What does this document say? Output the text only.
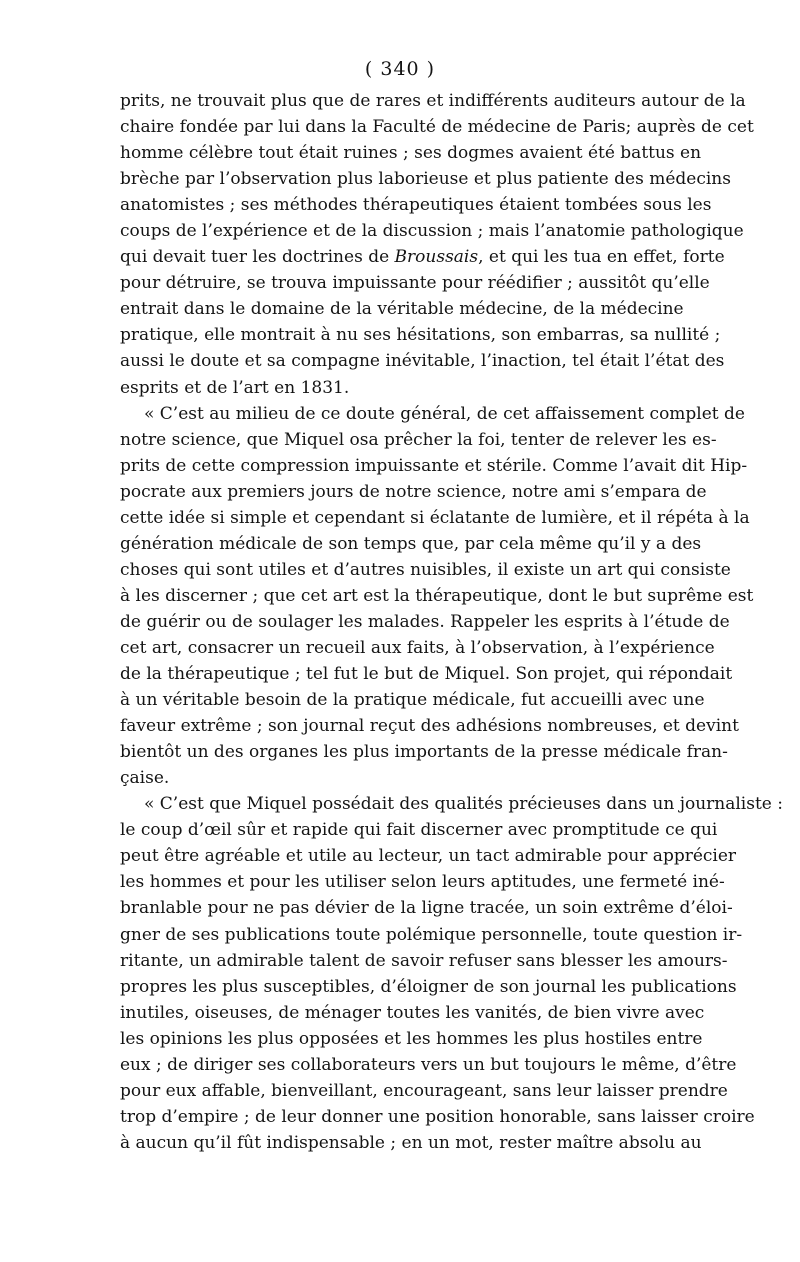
( 340 )
prits, ne trouvait plus que de rares et indifférents auditeurs autour de la
chaire fondée par lui dans la Faculté de médecine de Paris; auprès de cet
homme célèbre tout était ruines ; ses dogmes avaient été battus en
brèche par l’observation plus laborieuse et plus patiente des médecins
anatomistes ; ses méthodes thérapeutiques étaient tombées sous les
coups de l’expérience et de la discussion ; mais l’anatomie pathologique
qui devait tuer les doctrines de Broussais, et qui les tua en effet, forte
pour détruire, se trouva impuissante pour réédifier ; aussitôt qu’elle
entrait dans le domaine de la véritable médecine, de la médecine
pratique, elle montrait à nu ses hésitations, son embarras, sa nullité ;
aussi le doute et sa compagne inévitable, l’inaction, tel était l’état des
esprits et de l’art en 1831.
« C’est au milieu de ce doute général, de cet affaissement complet de
notre science, que Miquel osa prêcher la foi, tenter de relever les es-
prits de cette compression impuissante et stérile. Comme l’avait dit Hip-
pocrate aux premiers jours de notre science, notre ami s’empara de
cette idée si simple et cependant si éclatante de lumière, et il répéta à la
génération médicale de son temps que, par cela même qu’il y a des
choses qui sont utiles et d’autres nuisibles, il existe un art qui consiste
à les discerner ; que cet art est la thérapeutique, dont le but suprême est
de guérir ou de soulager les malades. Rappeler les esprits à l’étude de
cet art, consacrer un recueil aux faits, à l’observation, à l’expérience
de la thérapeutique ; tel fut le but de Miquel. Son projet, qui répondait
à un véritable besoin de la pratique médicale, fut accueilli avec une
faveur extrême ; son journal reçut des adhésions nombreuses, et devint
bientôt un des organes les plus importants de la presse médicale fran-
çaise.
« C’est que Miquel possédait des qualités précieuses dans un journaliste :
le coup d’œil sûr et rapide qui fait discerner avec promptitude ce qui
peut être agréable et utile au lecteur, un tact admirable pour apprécier
les hommes et pour les utiliser selon leurs aptitudes, une fermeté iné-
branlable pour ne pas dévier de la ligne tracée, un soin extrême d’éloi-
gner de ses publications toute polémique personnelle, toute question ir-
ritante, un admirable talent de savoir refuser sans blesser les amours-
propres les plus susceptibles, d’éloigner de son journal les publications
inutiles, oiseuses, de ménager toutes les vanités, de bien vivre avec
les opinions les plus opposées et les hommes les plus hostiles entre
eux ; de diriger ses collaborateurs vers un but toujours le même, d’être
pour eux affable, bienveillant, encourageant, sans leur laisser prendre
trop d’empire ; de leur donner une position honorable, sans laisser croire
à aucun qu’il fût indispensable ; en un mot, rester maître absolu au
